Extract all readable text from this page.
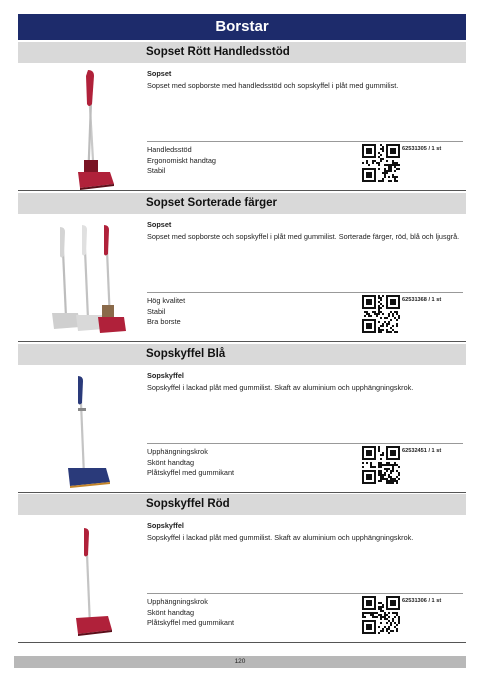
Borstar
Sopset Rött Handledsstöd
Sopset
Sopset med sopborste med handledsstöd och sopskyffel i plåt med gummilist.
Handledsstöd
Ergonomiskt handtag
Stabil
62531305 / 1 st
Sopset Sorterade färger
Sopset
Sopset med sopborste och sopskyffel i plåt med gummilist. Sorterade färger, röd, blå och ljusgrå.
Hög kvalitet
Stabil
Bra borste
62531368 / 1 st
Sopskyffel Blå
Sopskyffel
Sopskyffel i lackad plåt med gummilist. Skaft av aluminium och upphängningskrok.
Upphängningskrok
Skönt handtag
Plåtskyffel med gummikant
62532451 / 1 st
Sopskyffel Röd
Sopskyffel
Sopskyffel i lackad plåt med gummilist. Skaft av aluminium och upphängningskrok.
Upphängningskrok
Skönt handtag
Plåtskyffel med gummikant
62531306 / 1 st
120
